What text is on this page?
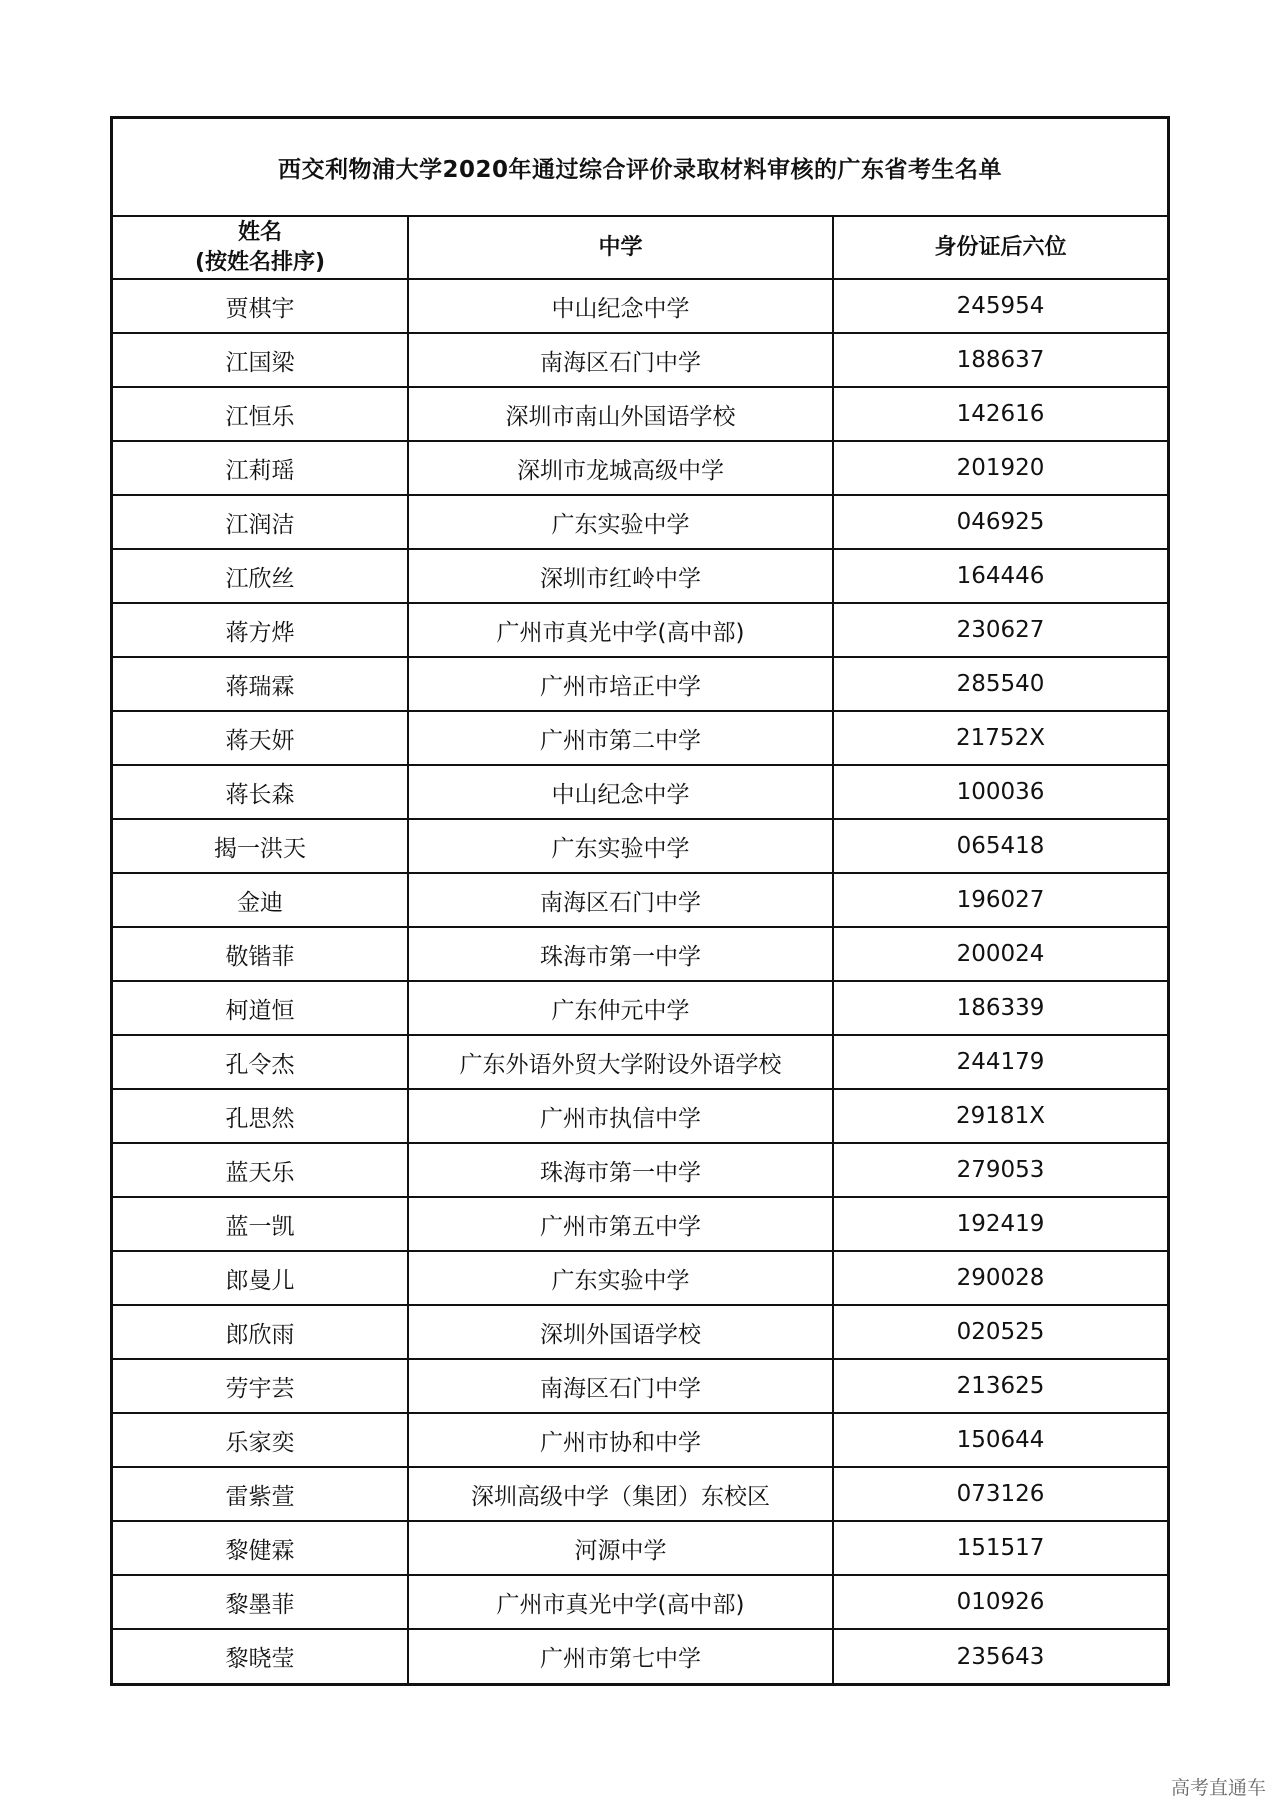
西交利物浦大学2020年通过综合评价录取材料审核的广东省考生名单
姓名
(按姓名排序)	中学	身份证后六位
贾棋宇	中山纪念中学	245954
江国梁	南海区石门中学	188637
江恒乐	深圳市南山外国语学校	142616
江莉瑶	深圳市龙城高级中学	201920
江润洁	广东实验中学	046925
江欣丝	深圳市红岭中学	164446
蒋方烨	广州市真光中学(高中部)	230627
蒋瑞霖	广州市培正中学	285540
蒋天妍	广州市第二中学	21752X
蒋长森	中山纪念中学	100036
揭一洪天	广东实验中学	065418
金迪	南海区石门中学	196027
敬锴菲	珠海市第一中学	200024
柯道恒	广东仲元中学	186339
孔令杰	广东外语外贸大学附设外语学校	244179
孔思然	广州市执信中学	29181X
蓝天乐	珠海市第一中学	279053
蓝一凯	广州市第五中学	192419
郎曼儿	广东实验中学	290028
郎欣雨	深圳外国语学校	020525
劳宇芸	南海区石门中学	213625
乐家奕	广州市协和中学	150644
雷紫萱	深圳高级中学（集团）东校区	073126
黎健霖	河源中学	151517
黎墨菲	广州市真光中学(高中部)	010926
黎晓莹	广州市第七中学	235643
高考直通车
